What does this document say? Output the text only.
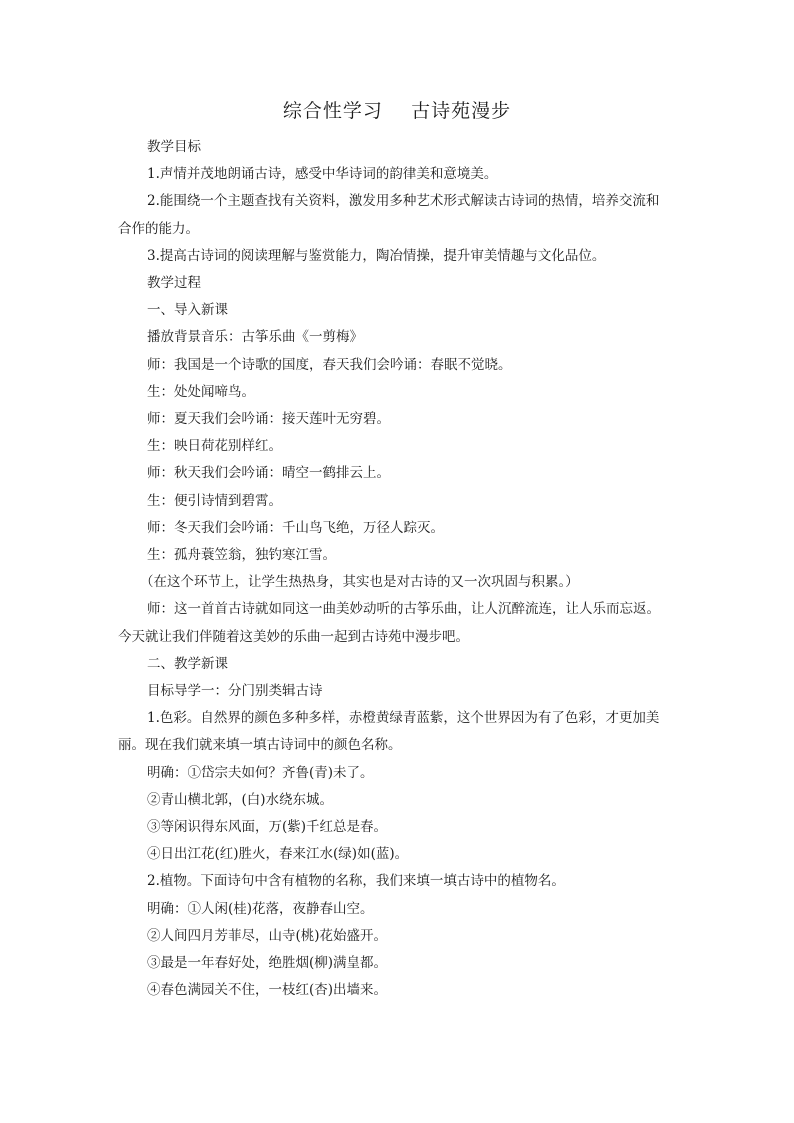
综合性学习    古诗苑漫步

教学目标

1.声情并茂地朗诵古诗，感受中华诗词的韵律美和意境美。

2.能围绕一个主题查找有关资料，激发用多种艺术形式解读古诗词的热情，培养交流和

合作的能力。

3.提高古诗词的阅读理解与鉴赏能力，陶冶情操，提升审美情趣与文化品位。

教学过程

一、导入新课

播放背景音乐：古筝乐曲《一剪梅》

师：我国是一个诗歌的国度，春天我们会吟诵：春眠不觉晓。

生：处处闻啼鸟。

师：夏天我们会吟诵：接天莲叶无穷碧。

生：映日荷花别样红。

师：秋天我们会吟诵：晴空一鹤排云上。

生：便引诗情到碧霄。

师：冬天我们会吟诵：千山鸟飞绝，万径人踪灭。

生：孤舟蓑笠翁，独钓寒江雪。

（在这个环节上，让学生热热身，其实也是对古诗的又一次巩固与积累。）

师：这一首首古诗就如同这一曲美妙动听的古筝乐曲，让人沉醉流连，让人乐而忘返。

今天就让我们伴随着这美妙的乐曲一起到古诗苑中漫步吧。

二、教学新课

目标导学一：分门别类辑古诗

1.色彩。自然界的颜色多种多样，赤橙黄绿青蓝紫，这个世界因为有了色彩，才更加美

丽。现在我们就来填一填古诗词中的颜色名称。

明确：①岱宗夫如何？齐鲁(青)未了。

②青山横北郭，(白)水绕东城。

③等闲识得东风面，万(紫)千红总是春。

④日出江花(红)胜火，春来江水(绿)如(蓝)。

2.植物。下面诗句中含有植物的名称，我们来填一填古诗中的植物名。

明确：①人闲(桂)花落，夜静春山空。

②人间四月芳菲尽，山寺(桃)花始盛开。

③最是一年春好处，绝胜烟(柳)满皇都。

④春色满园关不住，一枝红(杏)出墙来。
